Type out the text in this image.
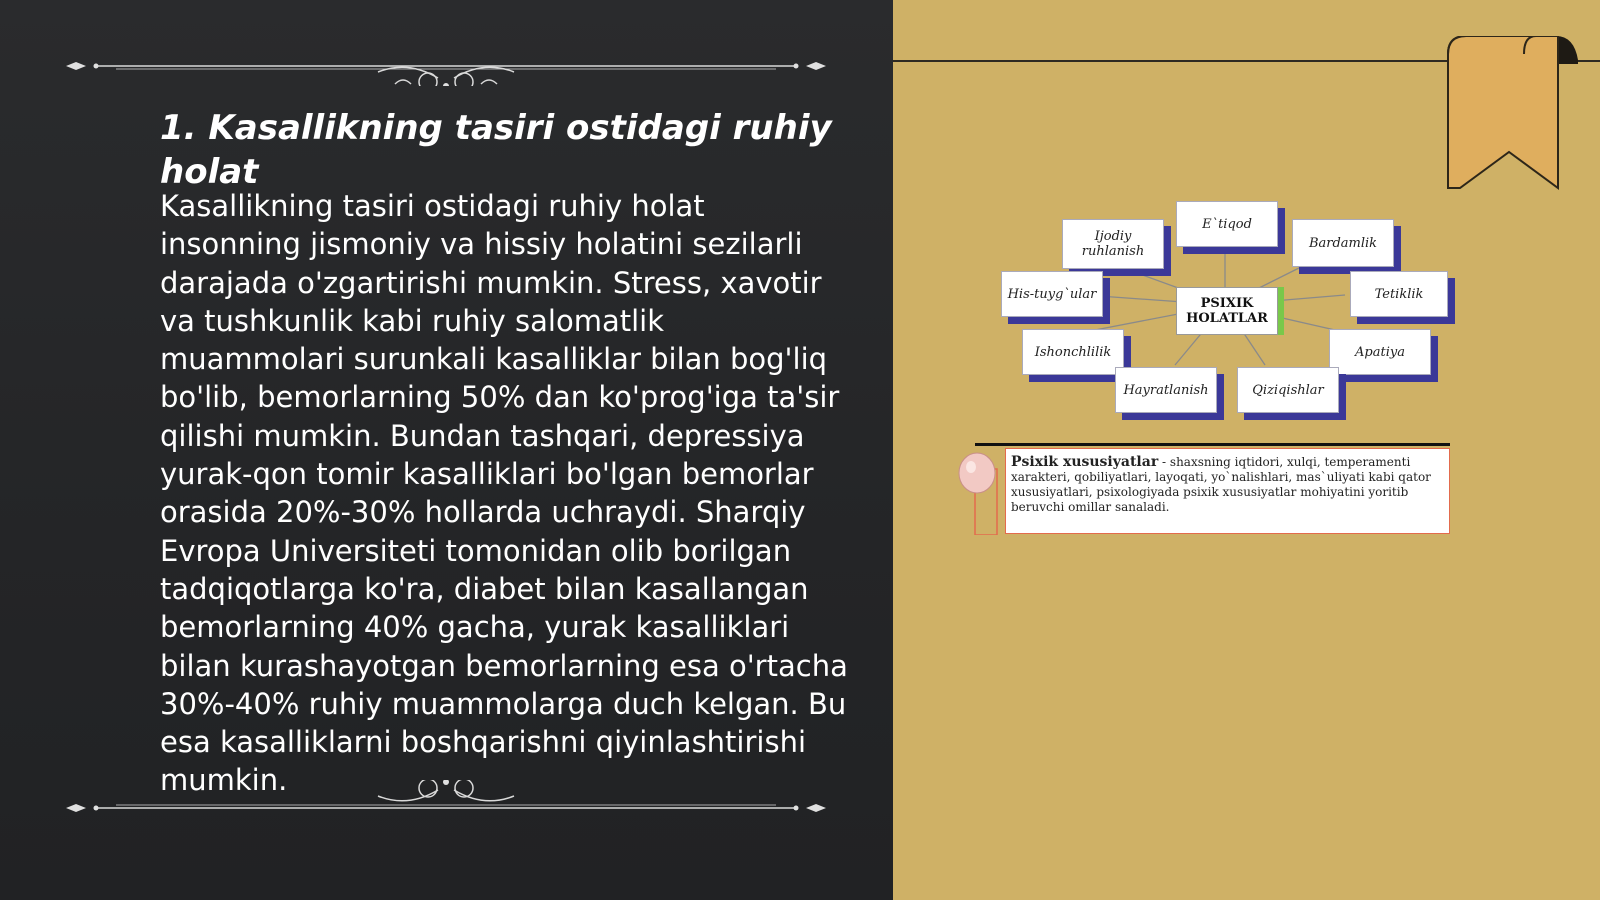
1. Kasallikning tasiri ostidagi ruhiy holat

Kasallikning tasiri ostidagi ruhiy holat insonning jismoniy va hissiy holatini sezilarli darajada o'zgartirishi mumkin. Stress, xavotir va tushkunlik kabi ruhiy salomatlik muammolari surunkali kasalliklar bilan bog'liq bo'lib, bemorlarning 50% dan ko'prog'iga ta'sir qilishi mumkin. Bundan tashqari, depressiya yurak-qon tomir kasalliklari bo'lgan bemorlar orasida 20%-30% hollarda uchraydi. Sharqiy Evropa Universiteti tomonidan olib borilgan tadqiqotlarga ko'ra, diabet bilan kasallangan bemorlarning 40% gacha, yurak kasalliklari bilan kurashayotgan bemorlarning esa o'rtacha 30%-40% ruhiy muammolarga duch kelgan. Bu esa kasalliklarni boshqarishni qiyinlashtirishi mumkin.

E`tiqod
Ijodiy ruhlanish
Bardamlik
His-tuyg`ular	Tetiklik
Ishonchlilik	Apatiya
Hayratlanish	Qiziqishlar
PSIXIK HOLATLAR
Psixik xususiyatlar - shaxsning iqtidori, xulqi, temperamenti xarakteri, qobiliyatlari, layoqati, yo`nalishlari, mas`uliyati kabi qator xususiyatlari, psixologiyada psixik xususiyatlar mohiyatini yoritib beruvchi omillar sanaladi.
